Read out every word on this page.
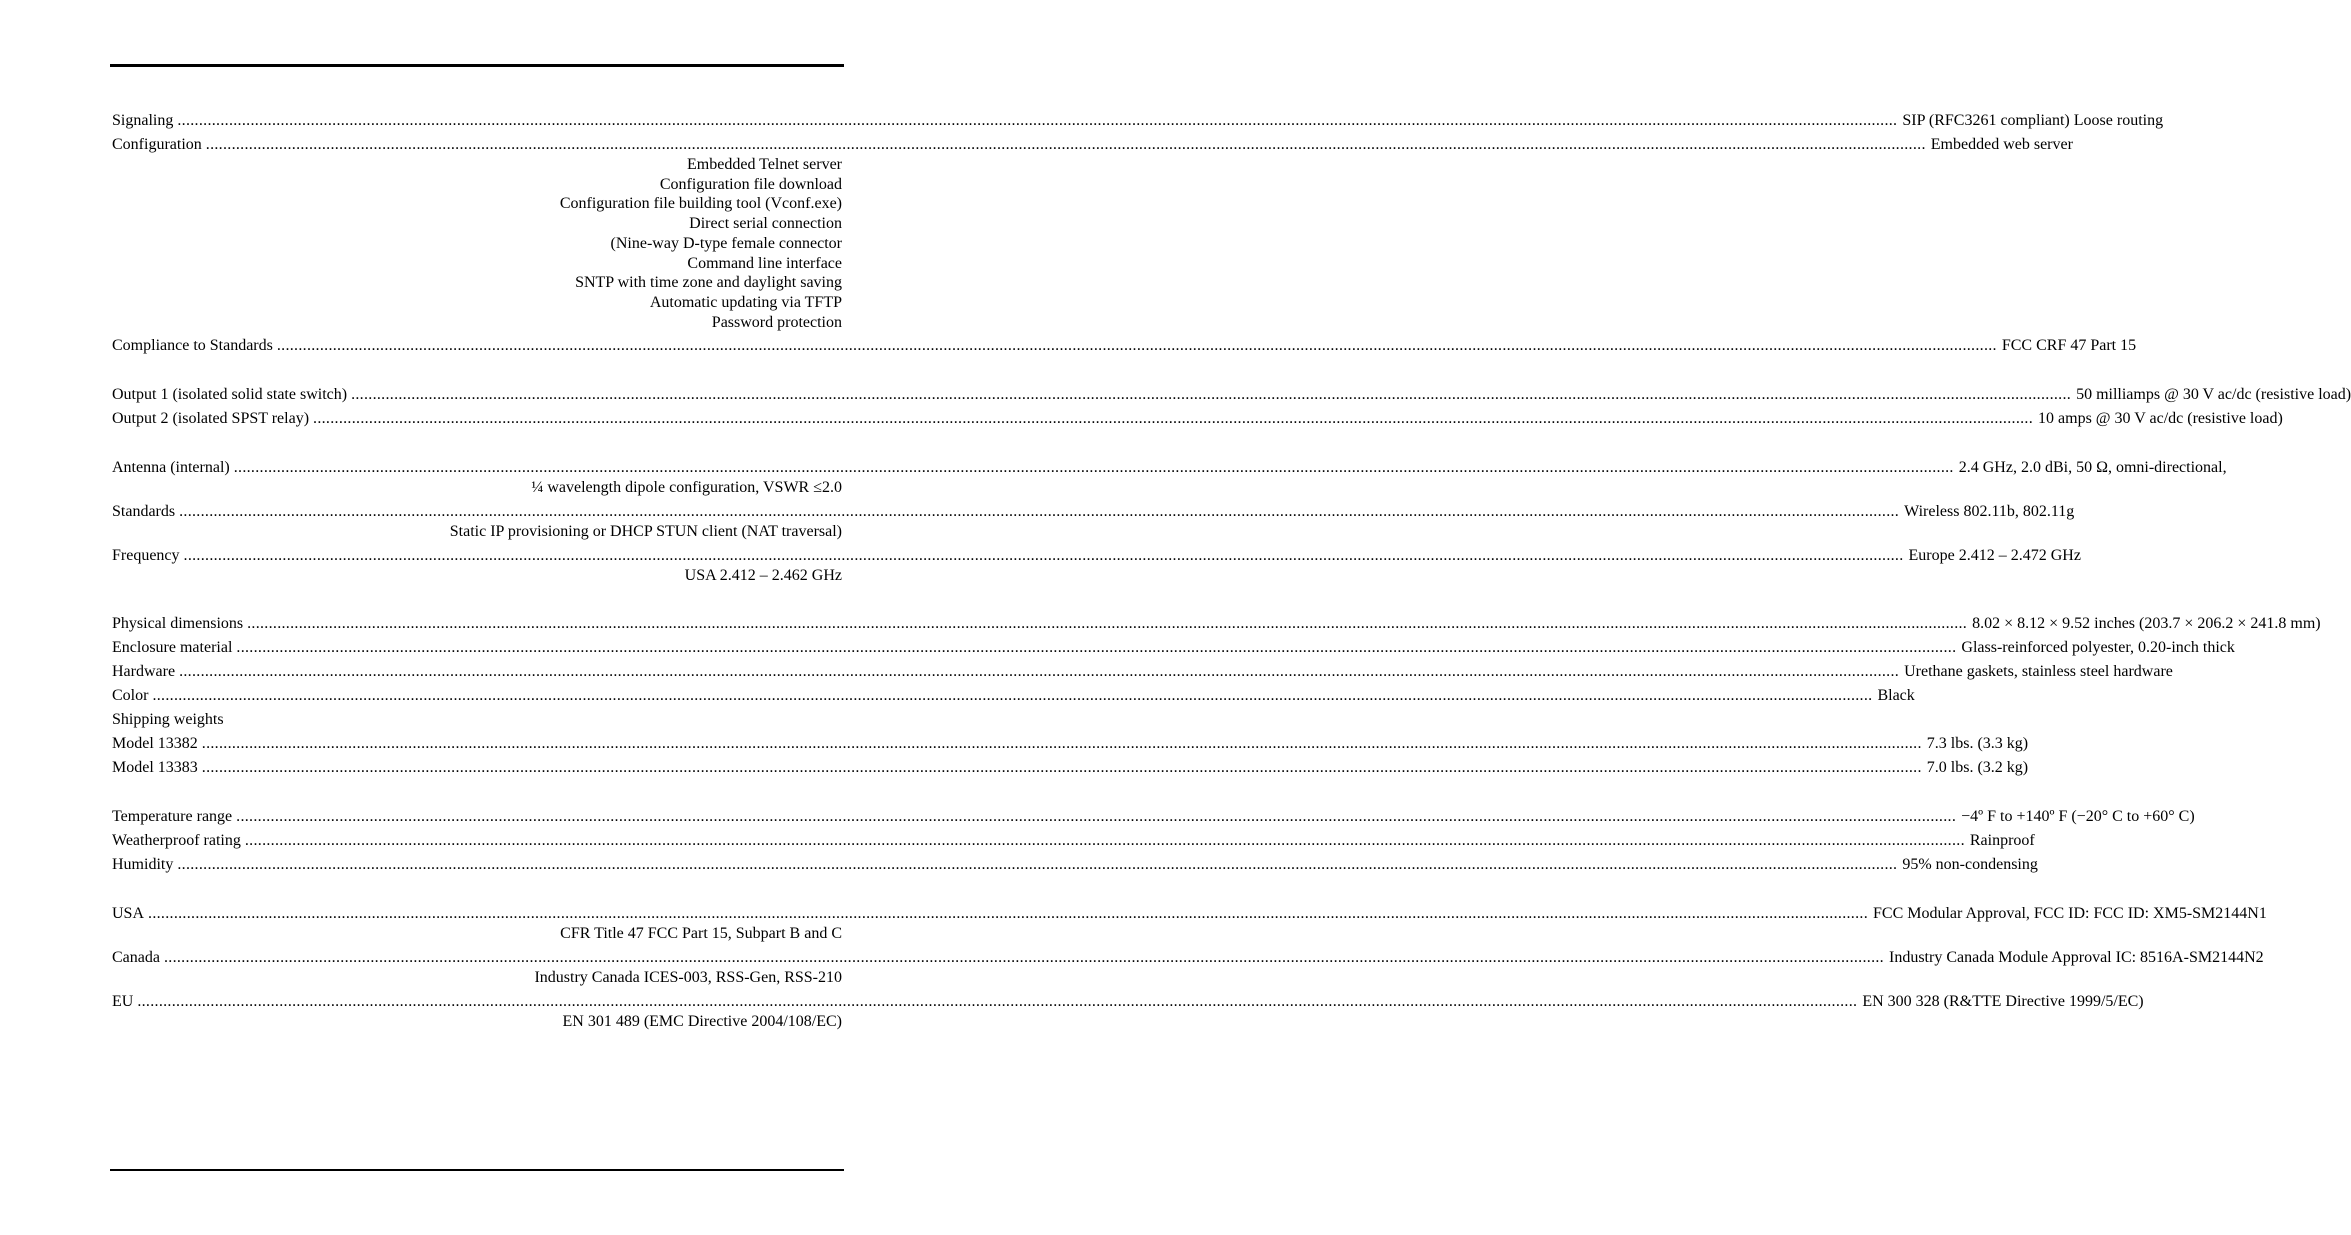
Signaling ................................................................................................................................................................................................................................................................................................................................................................................................................ SIP (RFC3261 compliant) Loose routing
Configuration ................................................................................................................................................................................................................................................................................................................................................................................................................ Embedded web server
Embedded Telnet server
Configuration file download
Configuration file building tool (Vconf.exe)
Direct serial connection
(Nine-way D-type female connector
Command line interface
SNTP with time zone and daylight saving
Automatic updating via TFTP
Password protection
Compliance to Standards ................................................................................................................................................................................................................................................................................................................................................................................................................ FCC CRF 47 Part 15
Output 1 (isolated solid state switch) ................................................................................................................................................................................................................................................................................................................................................................................................................ 50 milliamps @ 30 V ac/dc (resistive load)
Output 2 (isolated SPST relay) ................................................................................................................................................................................................................................................................................................................................................................................................................ 10 amps @ 30 V ac/dc (resistive load)
Antenna (internal) ................................................................................................................................................................................................................................................................................................................................................................................................................ 2.4 GHz, 2.0 dBi, 50 Ω, omni-directional,
¼ wavelength dipole configuration, VSWR ≤2.0
Standards ................................................................................................................................................................................................................................................................................................................................................................................................................ Wireless 802.11b, 802.11g
Static IP provisioning or DHCP STUN client (NAT traversal)
Frequency ................................................................................................................................................................................................................................................................................................................................................................................................................ Europe 2.412 – 2.472 GHz
USA 2.412 – 2.462 GHz
Physical dimensions ................................................................................................................................................................................................................................................................................................................................................................................................................ 8.02 × 8.12 × 9.52 inches (203.7 × 206.2 × 241.8 mm)
Enclosure material ................................................................................................................................................................................................................................................................................................................................................................................................................ Glass-reinforced polyester, 0.20-inch thick
Hardware ................................................................................................................................................................................................................................................................................................................................................................................................................ Urethane gaskets, stainless steel hardware
Color ................................................................................................................................................................................................................................................................................................................................................................................................................ Black
Shipping weights
Model 13382 ................................................................................................................................................................................................................................................................................................................................................................................................................ 7.3 lbs. (3.3 kg)
Model 13383 ................................................................................................................................................................................................................................................................................................................................................................................................................ 7.0 lbs. (3.2 kg)
Temperature range ................................................................................................................................................................................................................................................................................................................................................................................................................ −4º F to +140º F (−20° C to +60° C)
Weatherproof rating ................................................................................................................................................................................................................................................................................................................................................................................................................ Rainproof
Humidity ................................................................................................................................................................................................................................................................................................................................................................................................................ 95% non-condensing
USA ................................................................................................................................................................................................................................................................................................................................................................................................................ FCC Modular Approval, FCC ID: FCC ID: XM5-SM2144N1
CFR Title 47 FCC Part 15, Subpart B and C
Canada ................................................................................................................................................................................................................................................................................................................................................................................................................ Industry Canada Module Approval IC: 8516A-SM2144N2
Industry Canada ICES-003, RSS-Gen, RSS-210
EU ................................................................................................................................................................................................................................................................................................................................................................................................................ EN 300 328 (R&TTE Directive 1999/5/EC)
EN 301 489 (EMC Directive 2004/108/EC)
